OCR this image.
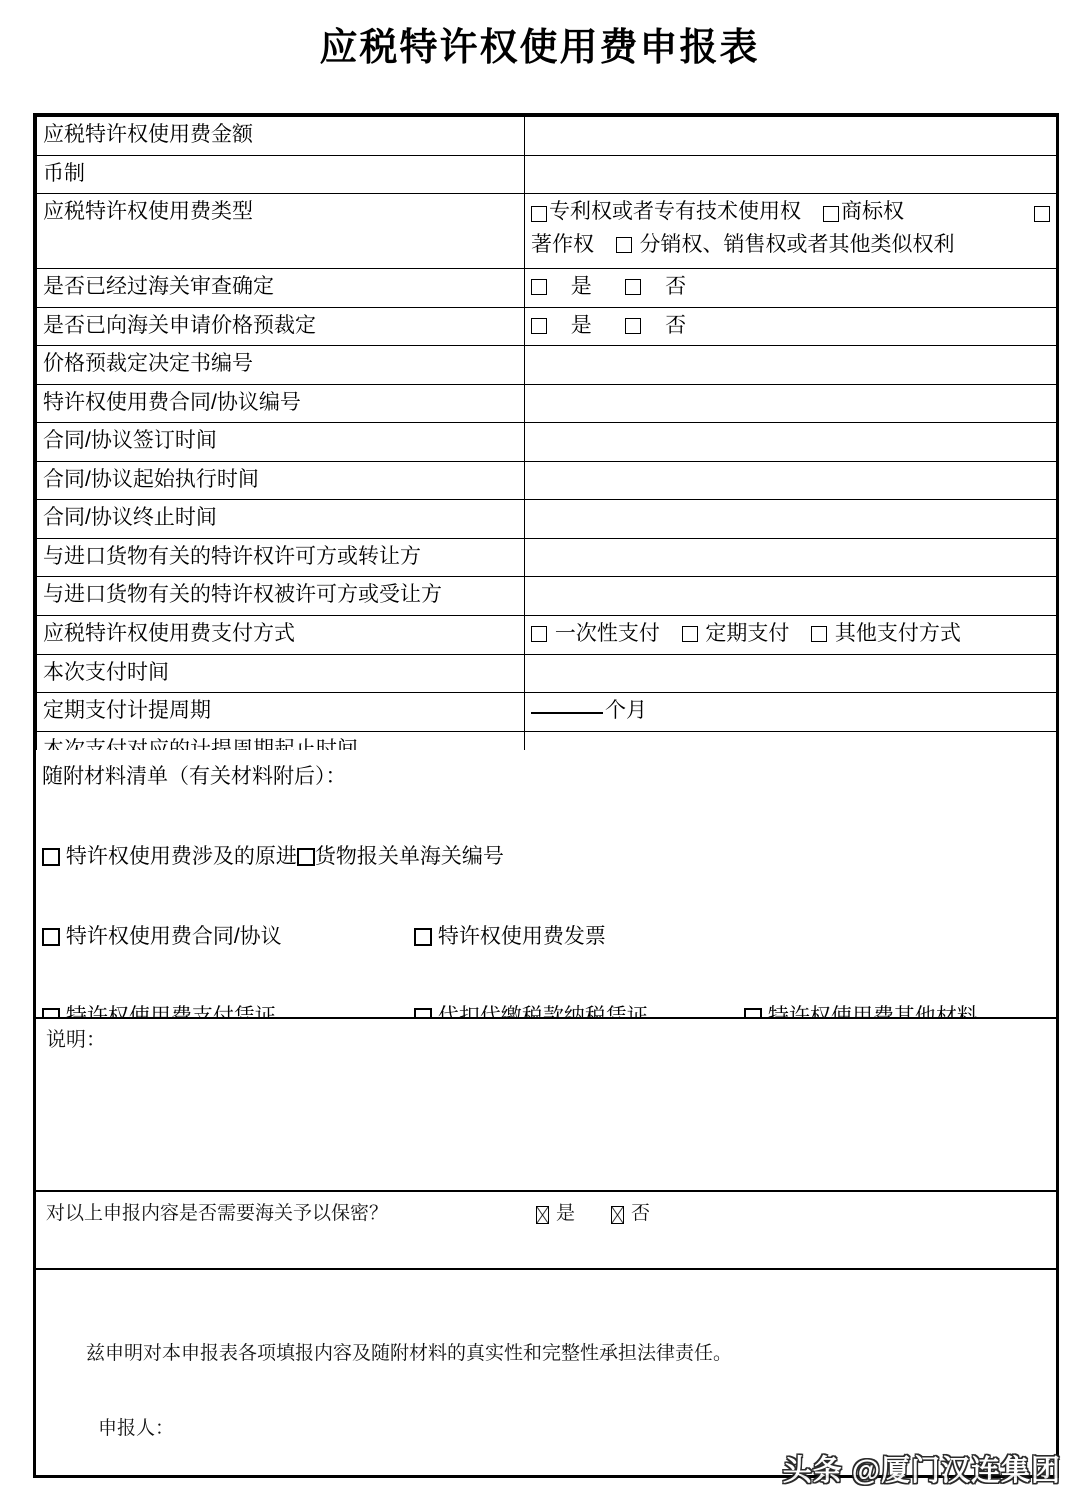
应税特许权使用费申报表
应税特许权使用费金额	
币制	
应税特许权使用费类型	专利权或者专有技术使用权 商标权
著作权 分销权、销售权或者其他类似权利

是否已经过海关审查确定	是 否
是否已向海关申请价格预裁定	是 否
价格预裁定决定书编号	
特许权使用费合同/协议编号	
合同/协议签订时间	
合同/协议起始执行时间	
合同/协议终止时间	
与进口货物有关的特许权许可方或转让方	
与进口货物有关的特许权被许可方或受让方	
应税特许权使用费支付方式	一次性支付 定期支付 其他支付方式
本次支付时间	
定期支付计提周期	个月

随附材料清单（有关材料附后）：
特许权使用费涉及的原进 货物报关单海关编号
特许权使用费合同/协议	特许权使用费发票
说明：
对以上申报内容是否需要海关予以保密？	是	否
兹申明对本申报表各项填报内容及随附材料的真实性和完整性承担法律责任。
申报人：
头条 @厦门汉连集团
